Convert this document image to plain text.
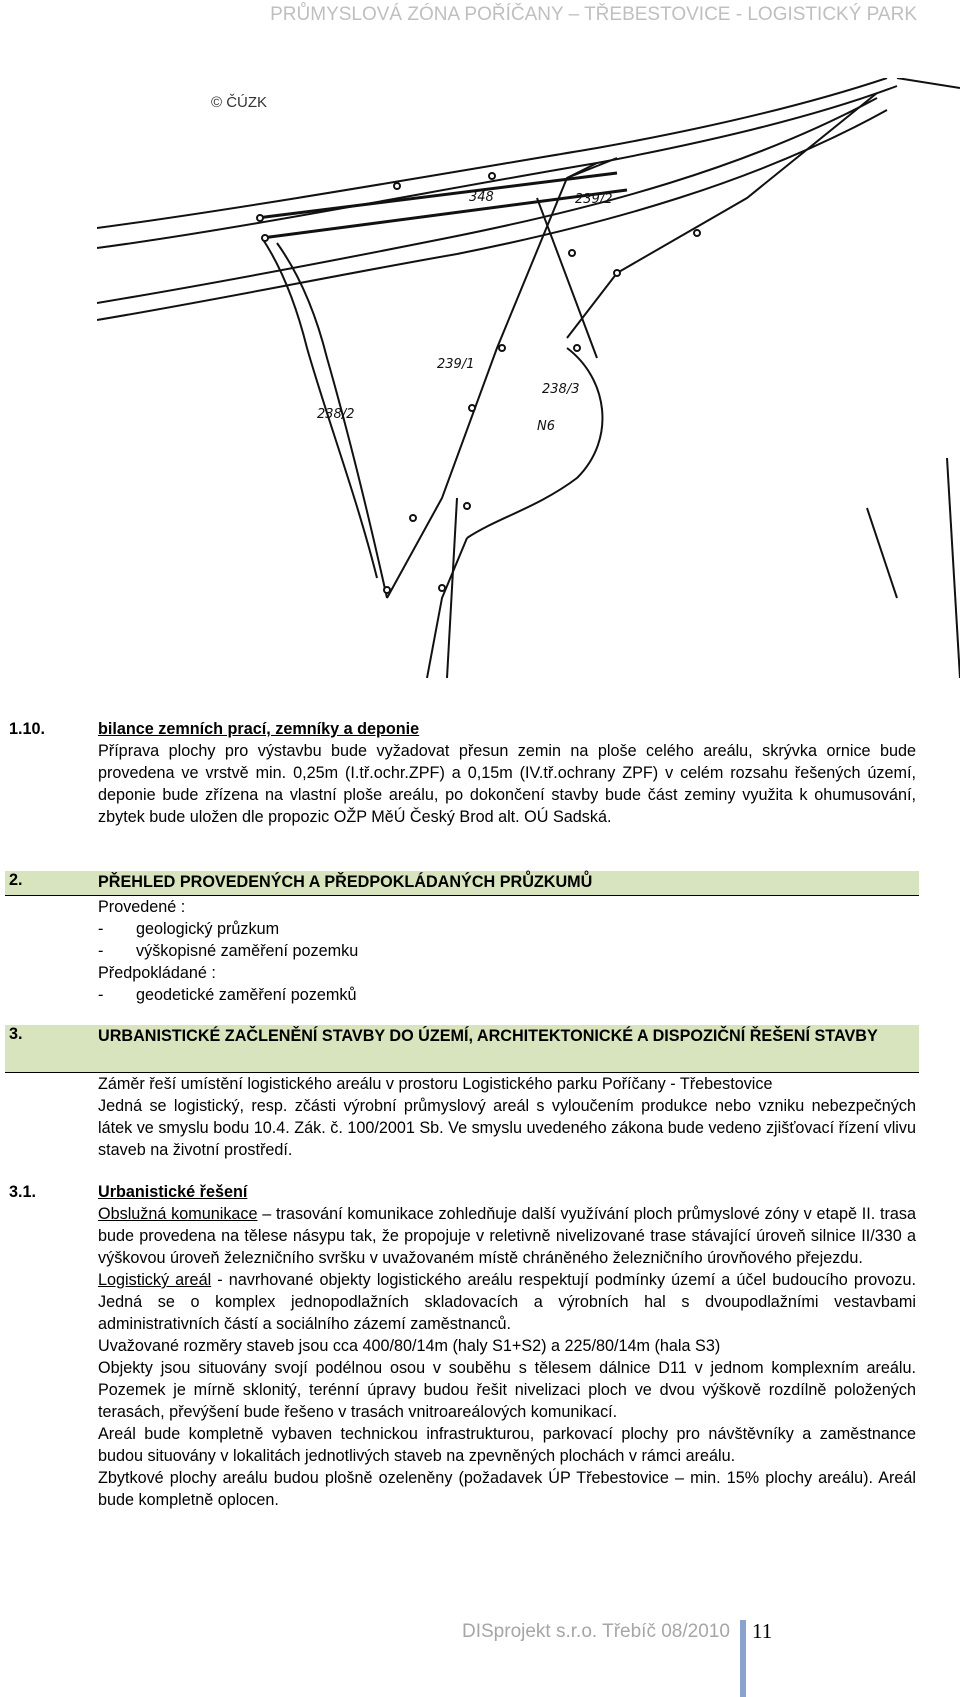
PRŮMYSLOVÁ ZÓNA POŘÍČANY – TŘEBESTOVICE - LOGISTICKÝ PARK
348	239/2
239/1
238/3
N6
238/2
© ČÚZK
1.10.	bilance zemních prací, zemníky a deponie

Příprava plochy pro výstavbu bude vyžadovat přesun zemin na ploše celého areálu, skrývka ornice bude provedena ve vrstvě min. 0,25m (I.tř.ochr.ZPF) a 0,15m (IV.tř.ochrany ZPF) v celém rozsahu řešených území, deponie bude zřízena na vlastní ploše areálu, po dokončení stavby bude část zeminy využita k ohumusování, zbytek bude uložen dle propozic OŽP MěÚ Český Brod alt. OÚ Sadská.

2.	PŘEHLED PROVEDENÝCH A PŘEDPOKLÁDANÝCH PRŮZKUMŮ

Provedené :

- geologický průzkum

- výškopisné zaměření pozemku

Předpokládané :

- geodetické zaměření pozemků

3.	URBANISTICKÉ ZAČLENĚNÍ STAVBY DO ÚZEMÍ, ARCHITEKTONICKÉ A DISPOZIČNÍ ŘEŠENÍ STAVBY

Záměr řeší umístění logistického areálu v prostoru Logistického parku Poříčany - Třebestovice

Jedná se logistický, resp. zčásti výrobní průmyslový areál s vyloučením produkce nebo vzniku nebezpečných látek ve smyslu bodu 10.4. Zák. č. 100/2001 Sb. Ve smyslu uvedeného zákona bude vedeno zjišťovací řízení vlivu staveb na životní prostředí.

3.1.	Urbanistické řešení

Obslužná komunikace – trasování komunikace zohledňuje další využívání ploch průmyslové zóny v etapě II. trasa bude provedena na tělese násypu tak, že propojuje v reletivně nivelizované trase stávající úroveň silnice II/330 a výškovou úroveň železničního svršku v uvažovaném místě chráněného železničního úrovňového přejezdu.

Logistický areál - navrhované objekty logistického areálu respektují podmínky území a účel budoucího provozu. Jedná se o komplex jednopodlažních skladovacích a výrobních hal s dvoupodlažními vestavbami administrativních částí a sociálního zázemí zaměstnanců.

Uvažované rozměry staveb jsou cca 400/80/14m (haly S1+S2) a 225/80/14m (hala S3)

Objekty jsou situovány svojí podélnou osou v souběhu s tělesem dálnice D11 v jednom komplexním areálu. Pozemek je mírně sklonitý, terénní úpravy budou řešit nivelizaci ploch ve dvou výškově rozdílně položených terasách, převýšení bude řešeno v trasách vnitroareálových komunikací.

Areál bude kompletně vybaven technickou infrastrukturou, parkovací plochy pro návštěvníky a zaměstnance budou situovány v lokalitách jednotlivých staveb na zpevněných plochách v rámci areálu.

Zbytkové plochy areálu budou plošně ozeleněny (požadavek ÚP Třebestovice – min. 15% plochy areálu). Areál bude kompletně oplocen.

DISprojekt s.r.o. Třebíč 08/2010 11
